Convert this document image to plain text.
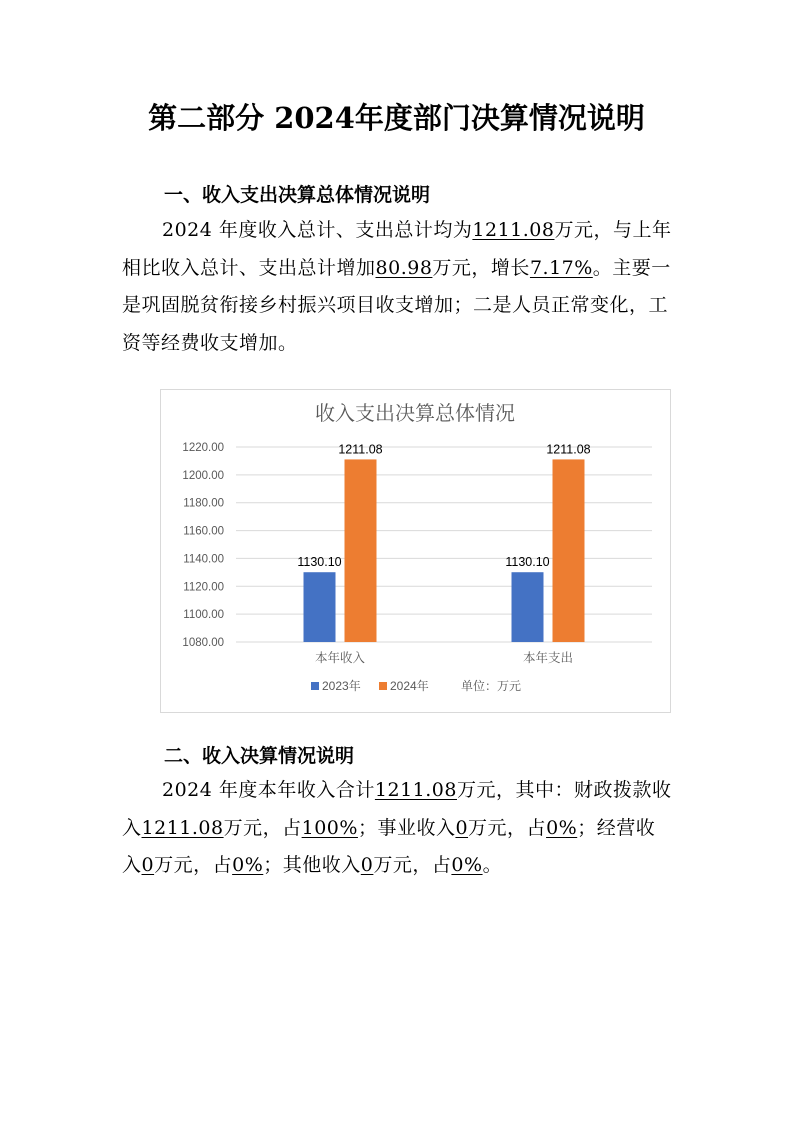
第二部分 2024年度部门决算情况说明
一、收入支出决算总体情况说明

2024 年度收入总计、支出总计均为1211.08万元，与上年相比收入总计、支出总计增加80.98万元，增长7.17%。主要一是巩固脱贫衔接乡村振兴项目收支增加；二是人员正常变化，工资等经费收支增加。

收入支出决算总体情况
1080.00
1100.00
1120.00
1140.00
1160.00
1180.00
1200.00
1220.00
1130.10
1211.08
本年收入
1130.10
1211.08
本年支出
2023年 2024年	单位：万元
二、收入决算情况说明

2024 年度本年收入合计1211.08万元，其中：财政拨款收入1211.08万元，占100%；事业收入0万元，占0%；经营收入0万元，占0%；其他收入0万元，占0%。
